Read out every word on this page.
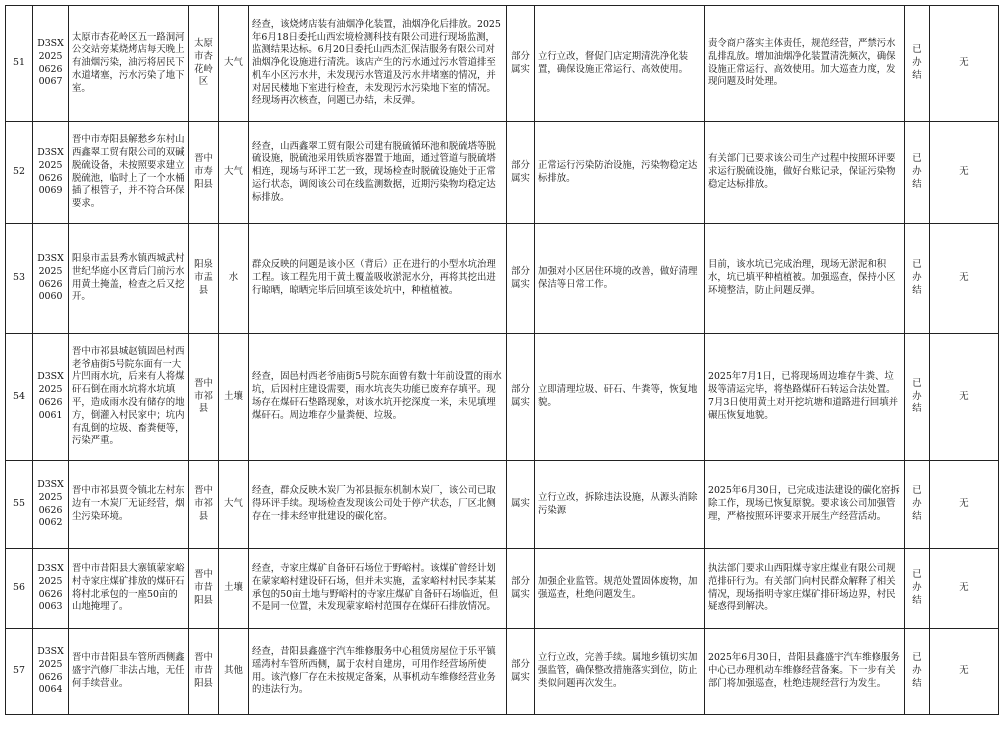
51	D3SX202506260067	太原市杏花岭区五一路洞河公交站旁某烧烤店每天晚上有油烟污染，油污将居民下水道堵塞，污水污染了地下室。	太原市杏花岭区	大气	经查，该烧烤店装有油烟净化装置，油烟净化后排放。2025年6月18日委托山西宏境检测科技有限公司进行现场监测，监测结果达标。6月20日委托山西杰汇保洁服务有限公司对油烟净化设施进行清洗。该店产生的污水通过污水管道排至机车小区污水井，未发现污水管道及污水井堵塞的情况，并对居民楼地下室进行检查，未发现污水污染地下室的情况。经现场再次核查，问题已办结，未反弹。	部分属实	立行立改，督促门店定期清洗净化装置，确保设施正常运行、高效使用。	责令商户落实主体责任，规范经营，严禁污水乱排乱放。增加油烟净化装置清洗频次，确保设施正常运行、高效使用。加大巡查力度，发现问题及时处理。	已办结	无
52	D3SX202506260069	晋中市寿阳县解愁乡东村山西鑫翠工贸有限公司的双碱脱硫设备，未按照要求建立脱硫池，临时上了一个水桶插了根管子，并不符合环保要求。	晋中市寿阳县	大气	经查，山西鑫翠工贸有限公司建有脱硫循环池和脱硫塔等脱硫设施，脱硫池采用铁质容器置于地面，通过管道与脱硫塔相连，现场与环评工艺一致，现场检查时脱硫设施处于正常运行状态，调阅该公司在线监测数据，近期污染物均稳定达标排放。	部分属实	正常运行污染防治设施，污染物稳定达标排放。	有关部门已要求该公司生产过程中按照环评要求运行脱硫设施，做好台账记录，保证污染物稳定达标排放。	已办结	无
53	D3SX202506260060	阳泉市盂县秀水镇西城武村世纪华庭小区背后门前污水用黄土掩盖，检查之后又挖开。	阳泉市盂县	水	群众反映的问题是该小区（背后）正在进行的小型水坑治理工程。该工程先用干黄土覆盖吸收淤泥水分，再将其挖出进行晾晒，晾晒完毕后回填至该处坑中，种植植被。	部分属实	加强对小区居住环境的改善，做好清理保洁等日常工作。	目前，该水坑已完成治理，现场无淤泥和积水，坑已填平种植植被。加强巡查，保持小区环境整洁，防止问题反弹。	已办结	无
54	D3SX202506260061	晋中市祁县城赵镇固邑村西老爷庙街5号院东面有一大片凹雨水坑，后来有人将煤矸石倒在雨水坑将水坑填平，造成雨水没有储存的地方，倒灌入村民家中；坑内有乱倒的垃圾、畜粪便等，污染严重。	晋中市祁县	土壤	经查，固邑村西老爷庙街5号院东面曾有数十年前设置的雨水坑，后因村庄建设需要，雨水坑丧失功能已废弃存填平。现场存在煤矸石垫路现象，对该水坑开挖深度一米，未见填埋煤矸石。周边堆存少量粪便、垃圾。	部分属实	立即清理垃圾、矸石、牛粪等，恢复地貌。	2025年7月1日，已将现场周边堆存牛粪、垃圾等清运完毕，将垫路煤矸石转运合法处置。7月3日使用黄土对开挖坑塘和道路进行回填并碾压恢复地貌。	已办结	无
55	D3SX202506260062	晋中市祁县贾令镇北左村东边有一木炭厂无证经营，烟尘污染环境。	晋中市祁县	大气	经查，群众反映木炭厂为祁县振东机制木炭厂，该公司已取得环评手续。现场检查发现该公司处于停产状态，厂区北侧存在一排未经审批建设的碳化窑。	属实	立行立改，拆除违法设施，从源头消除污染源	2025年6月30日，已完成违法建设的碳化窑拆除工作，现场已恢复原貌。要求该公司加强管理，严格按照环评要求开展生产经营活动。	已办结	无
56	D3SX202506260063	晋中市昔阳县大寨镇蒙家峪村寺家庄煤矿排放的煤矸石将村北承包的一座50亩的山地掩埋了。	晋中市昔阳县	土壤	经查，寺家庄煤矿自备矸石场位于野峪村。该煤矿曾经计划在蒙家峪村建设矸石场，但并未实施，孟家峪村村民李某某承包的50亩土地与野峪村的寺家庄煤矿自备矸石场临近，但不是同一位置，未发现蒙家峪村范围存在煤矸石排放情况。	部分属实	加强企业监管。规范处置固体废物，加强巡查，杜绝问题发生。	执法部门要求山西阳煤寺家庄煤业有限公司规范排矸行为。有关部门向村民群众解释了相关情况，现场指明寺家庄煤矿排矸场边界，村民疑惑得到解决。	已办结	无
57	D3SX202506260064	晋中市昔阳县车管所西侧鑫盛宇汽修厂非法占地，无任何手续营业。	晋中市昔阳县	其他	经查，昔阳县鑫盛宇汽车维修服务中心租赁房屋位于乐平镇瑶湾村车管所西侧，属于农村自建房，可用作经营场所使用。该汽修厂存在未按规定备案，从事机动车维修经营业务的违法行为。	部分属实	立行立改，完善手续。属地乡镇切实加强监管，确保整改措施落实到位，防止类似问题再次发生。	2025年6月30日，昔阳县鑫盛宇汽车维修服务中心已办理机动车维修经营备案。下一步有关部门将加强巡查，杜绝违规经营行为发生。	已办结	无
